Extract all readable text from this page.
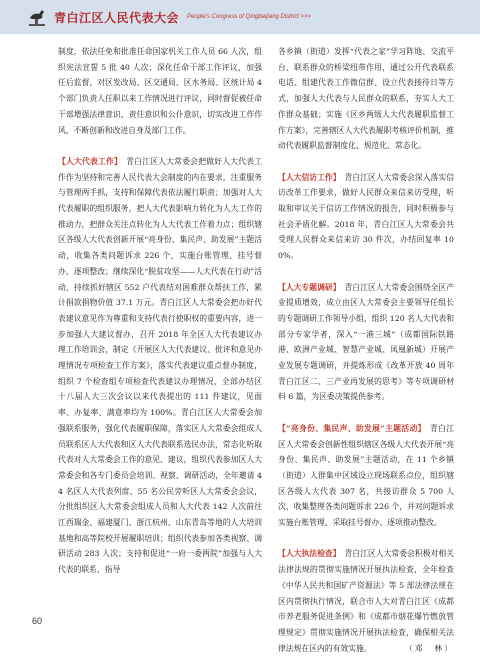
青白江区人民代表大会 People's Congress of Qingbaijiang District >>>

制度，依法任免和批准任命国家机关工作人员 66 人次，组织宪法宣誓 5 批 40 人次；深化任命干部工作评议，加强任后监督，对区发改局、区交通局、区水务局、区统计局 4 个部门负责人任职以来工作情况进行评议，同时督促被任命干部增强法律意识、责任意识和公仆意识，切实改进工作作风，不断创新和改进自身及部门工作。

【人大代表工作】　 青白江区人大常委会把做好人大代表工作作为坚持和完善人民代表大会制度的内在要求，注重服务与管理两手抓，支持和保障代表依法履行职责；加强对人大代表履职的组织服务，把人大代表影响力转化为人大工作的推动力，把群众关注点转化为人大代表工作着力点；组织辖区各级人大代表创新开展“亮身份、集民声、助发展”主题活动，收集各类问题诉求 226 个，实施台账管理、挂号督办、逐项整改；继续深化“脱贫攻坚——人大代表在行动”活动，持续抓好辖区 552 户代表结对困难群众帮扶工作，累计捐款捐物价值 37.1 万元。青白江区人大常委会把办好代表建议意见作为尊重和支持代表行使职权的重要内容，进一步加强人大建议督办，召开 2018 年全区人大代表建议办理工作培训会，制定《开展区人大代表建议、批评和意见办理情况专项检查工作方案》，落实代表建议重点督办制度，组织 7 个检查组专项检查代表建议办理情况，全部办结区十八届人大三次会议以来代表提出的 111 件建议，见面率、办复率、满意率均为 100%。青白江区人大常委会加强联系服务，强化代表履职保障，落实区人大常委会组成人员联系区人大代表和区人大代表联系选民办法，常态化听取代表对人大常委会工作的意见、建议，组织代表参加区人大常委会和各专门委员会培训、视察、调研活动，全年邀请 44 名区人大代表列席、55 名公民旁听区人大常委会会议，分批组织区人大常委会组成人员和人大代表 142 人次前往江西瑞金、福建厦门、浙江杭州、山东青岛等地的人大培训基地和高等院校开展履职培训；组织代表参加各类视察、调研活动 283 人次；支持和促进“一府一委两院”加强与人大代表的联系，指导

各乡镇（街道）发挥“代表之家”学习阵地、交流平台、联系群众的桥梁纽带作用，通过公开代表联系电话、组建代表工作微信群、设立代表接待日等方式，加强人大代表与人民群众的联系，夯实人大工作群众基础；实施《区乡两级人大代表履职监督工作方案》，完善辖区人大代表履职考核评价机制，推动代表履职监督制度化、规范化、常态化。

【人大信访工作】　 青白江区人大常委会深入落实信访改革工作要求，做好人民群众来信来访受理，听取和审议关于信访工作情况的报告，同时积极参与社会矛盾化解。2018 年，青白江区人大常委会共受理人民群众来信来访 30 件次，办结回复率 100%。

【人大专题调研】　 青白江区人大常委会围绕全区产业提质增效，成立由区人大常委会主要领导任组长的专题调研工作领导小组，组织 120 名人大代表和部分专家学者，深入“一港三城”（成都国际铁路港、欧洲产业城、智慧产业城、凤凰新城）开展产业发展专题调研，并提炼形成《改革开放 40 周年青白江区二、三产业再发展的思考》等专项调研材料 6 篇，为区委决策提供参考。

【“亮身份、集民声、助发展”主题活动】　 青白江区人大常委会创新性组织辖区各级人大代表开展“亮身份、集民声、助发展”主题活动，在 11 个乡镇（街道）人群集中区域设立现场联系点位，组织辖区各级人大代表 307 名，共接访群众 5 700 人次，收集整理各类问题诉求 226 个，并对问题诉求实施台账管理、采取挂号督办、逐项推动整改。

【人大执法检查】　 青白江区人大常委会积极对相关法律法规的贯彻实施情况开展执法检查，全年检查《中华人民共和国矿产资源法》等 5 部法律法规在区内贯彻执行情况，联合市人大对青白江区《成都市养老服务促进条例》和《成都市烟花爆竹燃放管理规定》贯彻实施情况开展执法检查，确保相关法律法规在区内的有效实施。	（邓　林）

60
